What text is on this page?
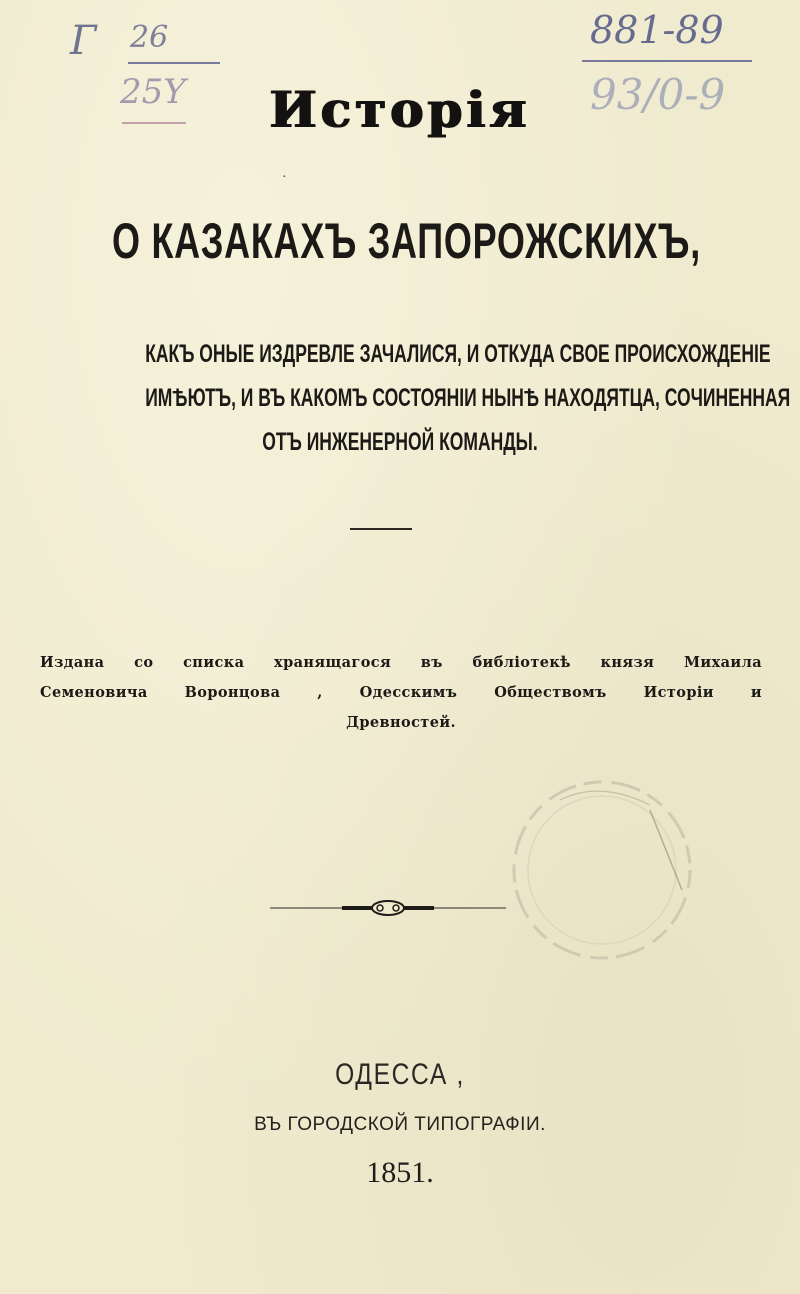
Г 26
25Y
881-89
93/0-9
Исторія
·
О КАЗАКАХЪ ЗАПОРОЖСКИХЪ,
КАКЪ ОНЫЕ ИЗДРЕВЛЕ ЗАЧАЛИСЯ, И ОТКУДА СВОЕ ПРОИСХОЖДЕНІЕ
ИМѢЮТЪ, И ВЪ КАКОМЪ СОСТОЯНІИ НЫНѢ НАХОДЯТЦА, СОЧИНЕННАЯ
ОТЪ ИНЖЕНЕРНОЙ КОМАНДЫ.
Издана со списка хранящагося въ библіотекѣ князя Михаила
Семеновича Воронцова , Одесскимъ Обществомъ Исторіи и
Древностей.
ОДЕССА ,
ВЪ ГОРОДСКОЙ ТИПОГРАФІИ.
1851.
